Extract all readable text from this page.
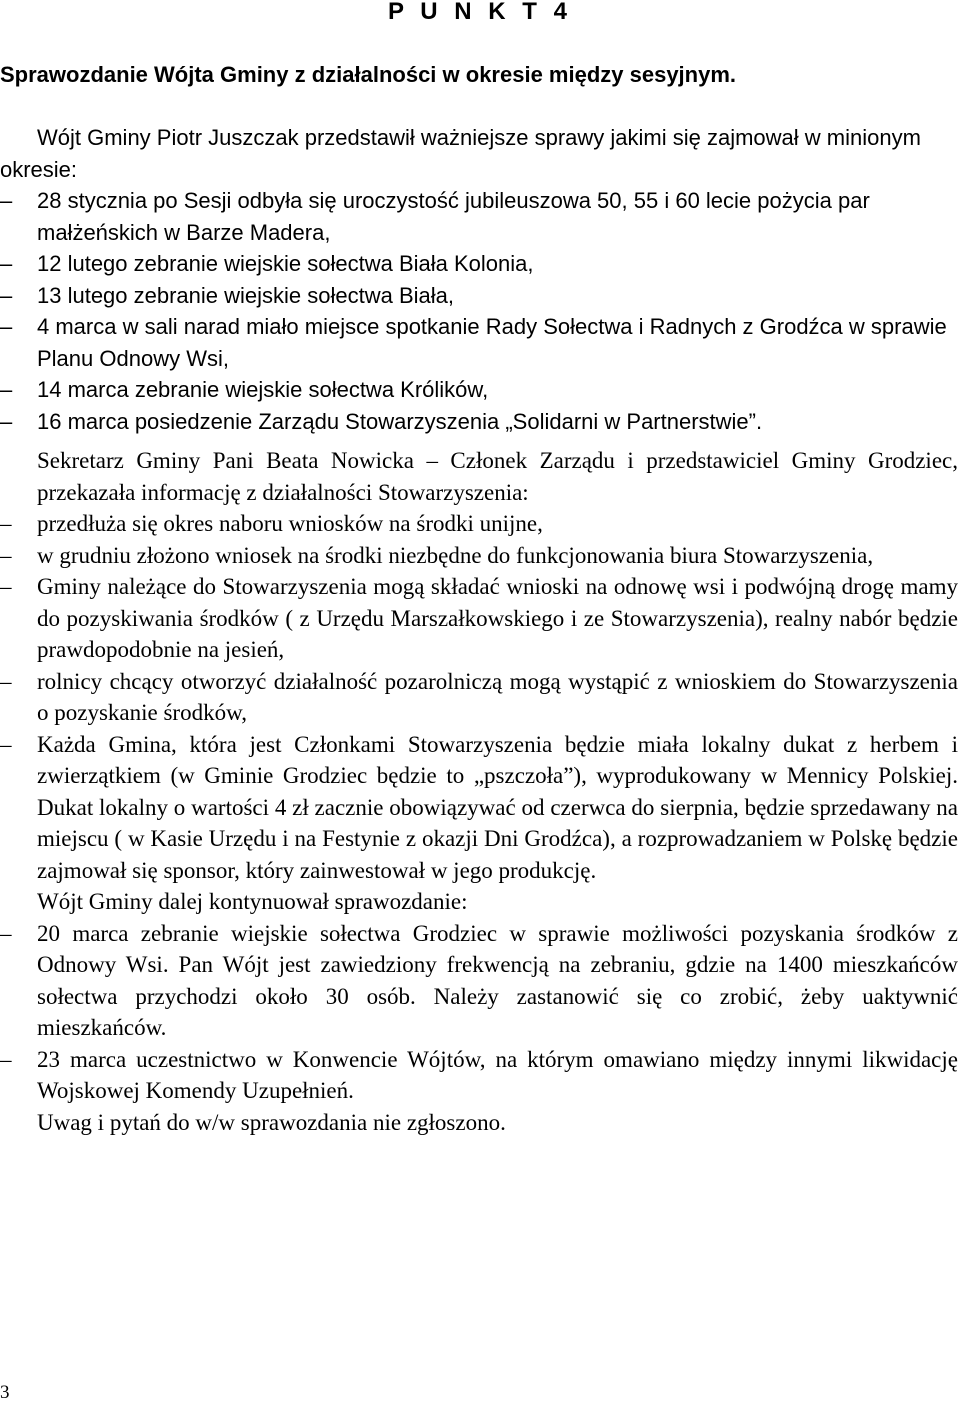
P U N K T 4
Sprawozdanie Wójta Gminy z działalności w okresie między sesyjnym.

Wójt Gminy Piotr Juszczak przedstawił ważniejsze sprawy jakimi się zajmował w minionym okresie:

– 28 stycznia po Sesji odbyła się uroczystość jubileuszowa 50, 55 i 60 lecie pożycia par małżeńskich w Barze Madera,
– 12 lutego zebranie wiejskie sołectwa Biała Kolonia,
– 13 lutego zebranie wiejskie sołectwa Biała,
– 4 marca w sali narad miało miejsce spotkanie Rady Sołectwa i Radnych z Grodźca w sprawie Planu Odnowy Wsi,
– 14 marca zebranie wiejskie sołectwa Królików,
– 16 marca posiedzenie Zarządu Stowarzyszenia „Solidarni w Partnerstwie”.

Sekretarz Gminy Pani Beata Nowicka – Członek Zarządu i przedstawiciel Gminy Grodziec, przekazała informację z działalności Stowarzyszenia:

– przedłuża się okres naboru wniosków na środki unijne,
– w grudniu złożono wniosek na środki niezbędne do funkcjonowania biura Stowarzyszenia,
– Gminy należące do Stowarzyszenia mogą składać wnioski na odnowę wsi i podwójną drogę mamy do pozyskiwania środków ( z Urzędu Marszałkowskiego i ze Stowarzyszenia), realny nabór będzie prawdopodobnie na jesień,
– rolnicy chcący otworzyć działalność pozarolniczą mogą wystąpić z wnioskiem do Stowarzyszenia o pozyskanie środków,
– Każda Gmina, która jest Członkami Stowarzyszenia będzie miała lokalny dukat z herbem i zwierzątkiem (w Gminie Grodziec będzie to „pszczoła”), wyprodukowany w Mennicy Polskiej. Dukat lokalny o wartości 4 zł zacznie obowiązywać od czerwca do sierpnia, będzie sprzedawany na miejscu ( w Kasie Urzędu i na Festynie z okazji Dni Grodźca), a rozprowadzaniem w Polskę będzie zajmował się sponsor, który zainwestował w jego produkcję.

Wójt Gminy dalej kontynuował sprawozdanie:

– 20 marca zebranie wiejskie sołectwa Grodziec w sprawie możliwości pozyskania środków z Odnowy Wsi. Pan Wójt jest zawiedziony frekwencją na zebraniu, gdzie na 1400 mieszkańców sołectwa przychodzi około 30 osób. Należy zastanowić się co zrobić, żeby uaktywnić mieszkańców.
– 23 marca uczestnictwo w Konwencie Wójtów, na którym omawiano między innymi likwidację Wojskowej Komendy Uzupełnień.

Uwag i pytań do w/w sprawozdania nie zgłoszono.

3
